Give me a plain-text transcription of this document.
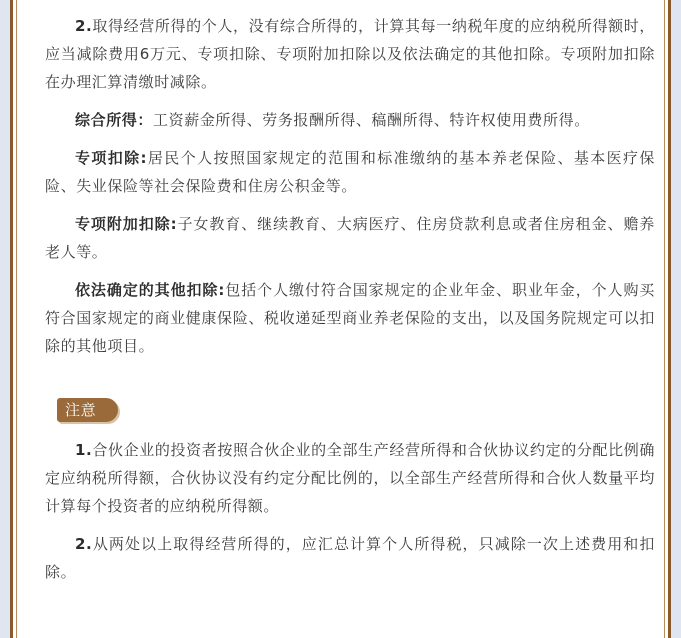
2.取得经营所得的个人，没有综合所得的，计算其每一纳税年度的应纳税所得额时，应当减除费用6万元、专项扣除、专项附加扣除以及依法确定的其他扣除。专项附加扣除在办理汇算清缴时减除。

综合所得：工资薪金所得、劳务报酬所得、稿酬所得、特许权使用费所得。

专项扣除:居民个人按照国家规定的范围和标准缴纳的基本养老保险、基本医疗保险、失业保险等社会保险费和住房公积金等。

专项附加扣除:子女教育、继续教育、大病医疗、住房贷款利息或者住房租金、赡养老人等。

依法确定的其他扣除:包括个人缴付符合国家规定的企业年金、职业年金，个人购买符合国家规定的商业健康保险、税收递延型商业养老保险的支出，以及国务院规定可以扣除的其他项目。

注意

1.合伙企业的投资者按照合伙企业的全部生产经营所得和合伙协议约定的分配比例确定应纳税所得额，合伙协议没有约定分配比例的，以全部生产经营所得和合伙人数量平均计算每个投资者的应纳税所得额。

2.从两处以上取得经营所得的，应汇总计算个人所得税，只减除一次上述费用和扣除。
